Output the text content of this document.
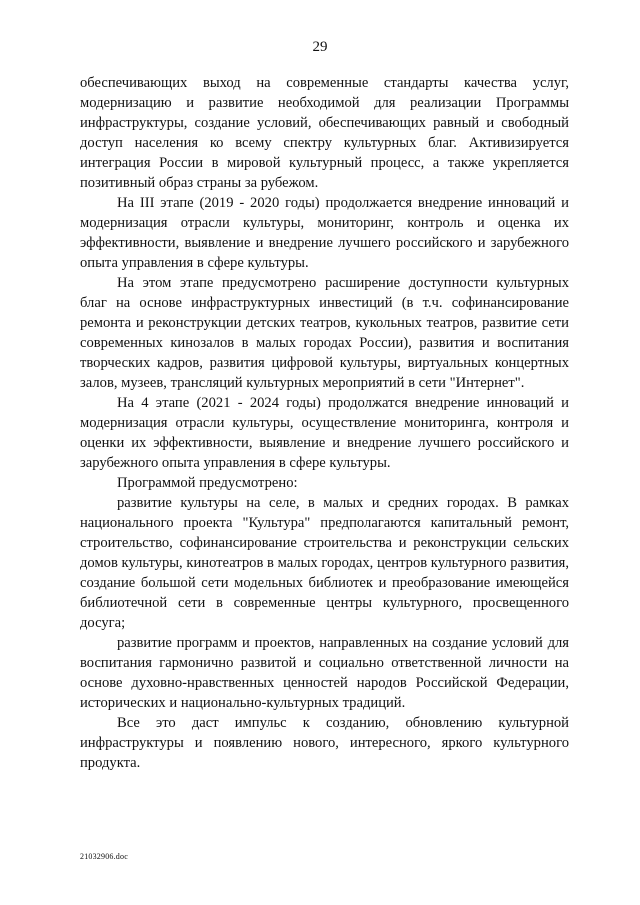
29

обеспечивающих выход на современные стандарты качества услуг, модернизацию и развитие необходимой для реализации Программы инфраструктуры, создание условий, обеспечивающих равный и свободный доступ населения ко всему спектру культурных благ. Активизируется интеграция России в мировой культурный процесс, а также укрепляется позитивный образ страны за рубежом.

На III этапе (2019 - 2020 годы) продолжается внедрение инноваций и модернизация отрасли культуры, мониторинг, контроль и оценка их эффективности, выявление и внедрение лучшего российского и зарубежного опыта управления в сфере культуры.

На этом этапе предусмотрено расширение доступности культурных благ на основе инфраструктурных инвестиций (в т.ч. софинансирование ремонта и реконструкции детских театров, кукольных театров, развитие сети современных кинозалов в малых городах России), развития и воспитания творческих кадров, развития цифровой культуры, виртуальных концертных залов, музеев, трансляций культурных мероприятий в сети "Интернет".

На 4 этапе (2021 - 2024 годы) продолжатся внедрение инноваций и модернизация отрасли культуры, осуществление мониторинга, контроля и оценки их эффективности, выявление и внедрение лучшего российского и зарубежного опыта управления в сфере культуры.

Программой предусмотрено:

развитие культуры на селе, в малых и средних городах. В рамках национального проекта "Культура" предполагаются капитальный ремонт, строительство, софинансирование строительства и реконструкции сельских домов культуры, кинотеатров в малых городах, центров культурного развития, создание большой сети модельных библиотек и преобразование имеющейся библиотечной сети в современные центры культурного, просвещенного досуга;

развитие программ и проектов, направленных на создание условий для воспитания гармонично развитой и социально ответственной личности на основе духовно-нравственных ценностей народов Российской Федерации, исторических и национально-культурных традиций.

Все это даст импульс к созданию, обновлению культурной инфраструктуры и появлению нового, интересного, яркого культурного продукта.

21032906.doc
